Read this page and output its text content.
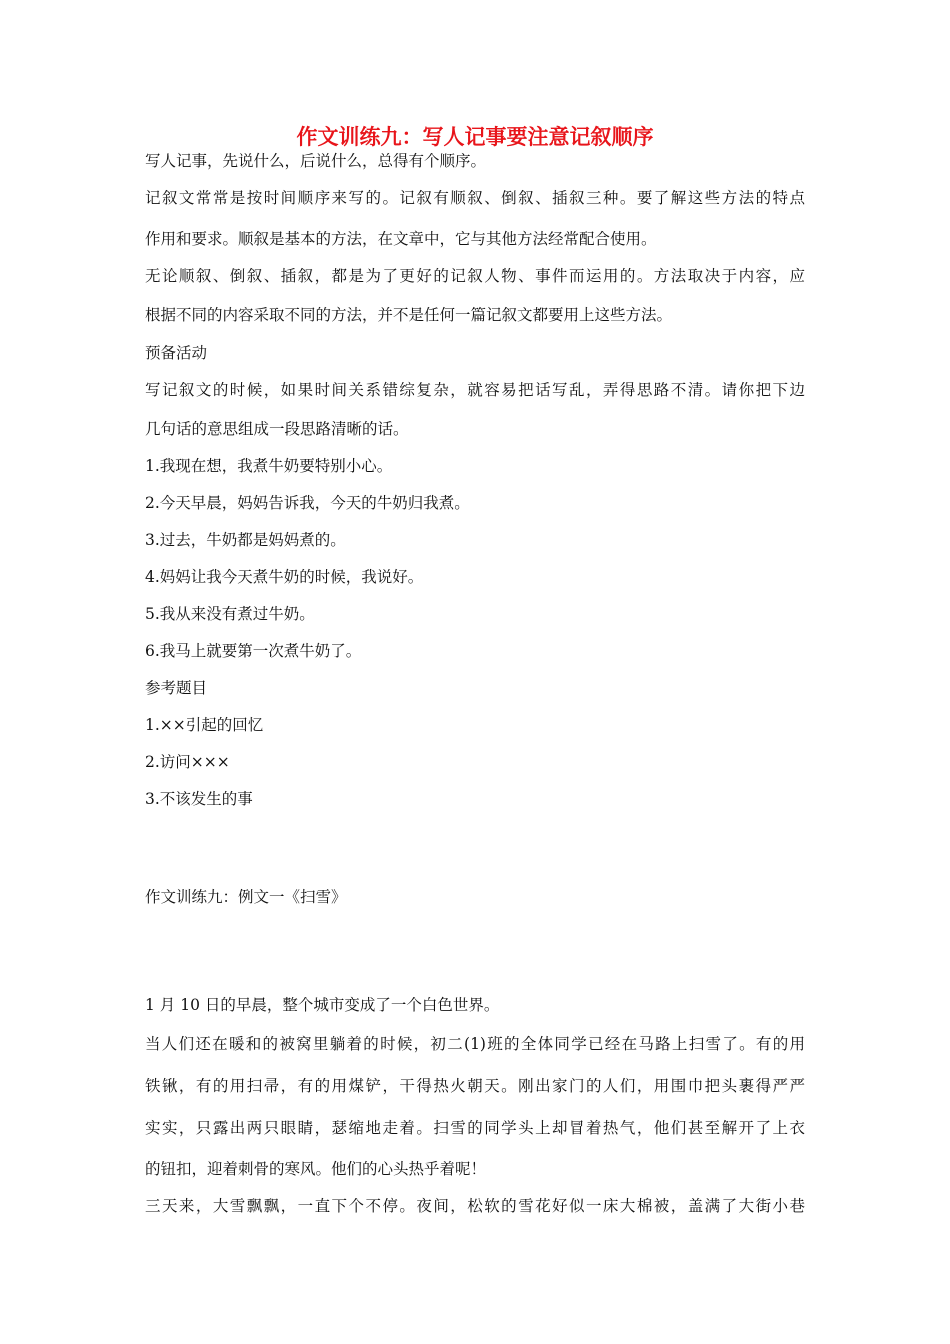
作文训练九：写人记事要注意记叙顺序
写人记事，先说什么，后说什么，总得有个顺序。
记叙文常常是按时间顺序来写的。记叙有顺叙、倒叙、插叙三种。要了解这些方法的特点
作用和要求。顺叙是基本的方法，在文章中，它与其他方法经常配合使用。
无论顺叙、倒叙、插叙，都是为了更好的记叙人物、事件而运用的。方法取决于内容，应
根据不同的内容采取不同的方法，并不是任何一篇记叙文都要用上这些方法。
预备活动
写记叙文的时候，如果时间关系错综复杂，就容易把话写乱，弄得思路不清。请你把下边
几句话的意思组成一段思路清晰的话。
1.我现在想，我煮牛奶要特别小心。
2.今天早晨，妈妈告诉我，今天的牛奶归我煮。
3.过去，牛奶都是妈妈煮的。
4.妈妈让我今天煮牛奶的时候，我说好。
5.我从来没有煮过牛奶。
6.我马上就要第一次煮牛奶了。
参考题目
1.××引起的回忆
2.访问×××
3.不该发生的事
作文训练九：例文一《扫雪》
1 月 10 日的早晨，整个城市变成了一个白色世界。
当人们还在暖和的被窝里躺着的时候，初二(1)班的全体同学已经在马路上扫雪了。有的用
铁锹，有的用扫帚，有的用煤铲，干得热火朝天。刚出家门的人们，用围巾把头裹得严严
实实，只露出两只眼睛，瑟缩地走着。扫雪的同学头上却冒着热气，他们甚至解开了上衣
的钮扣，迎着刺骨的寒风。他们的心头热乎着呢！
三天来，大雪飘飘，一直下个不停。夜间，松软的雪花好似一床大棉被，盖满了大街小巷
